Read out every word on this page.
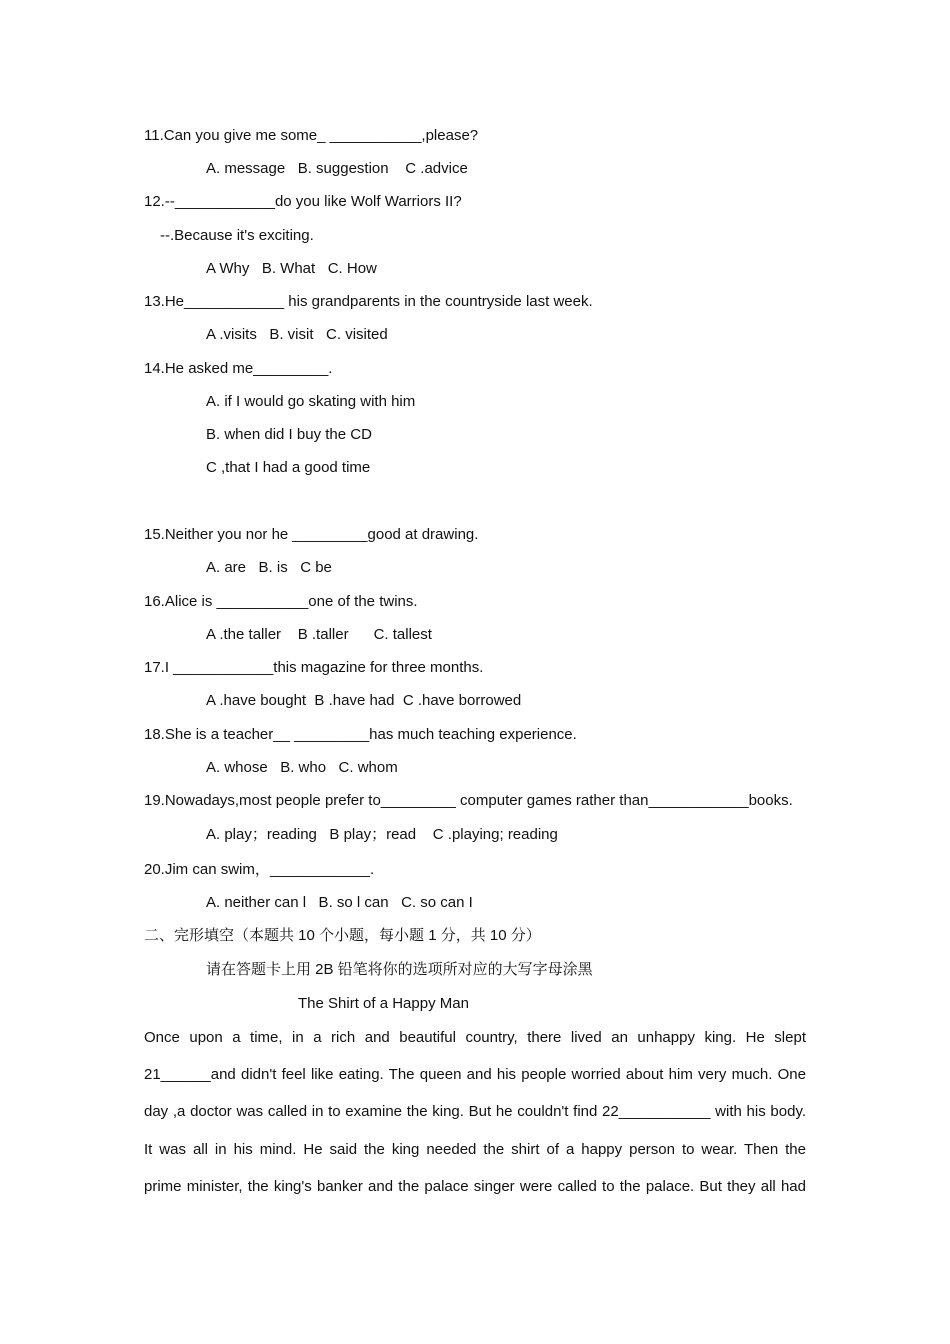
11.Can you give me some_ ___________,please?
A. message   B. suggestion    C .advice
12.--____________do you like Wolf Warriors II?
--.Because it's exciting.
A Why   B. What   C. How
13.He____________ his grandparents in the countryside last week.
A .visits   B. visit   C. visited
14.He asked me_________.
A. if I would go skating with him
B. when did I buy the CD
C ,that I had a good time
15.Neither you nor he _________good at drawing.
A. are   B. is   C be
16.Alice is ___________one of the twins.
A .the taller    B .taller      C. tallest
17.I ____________this magazine for three months.
A .have bought  B .have had  C .have borrowed
18.She is a teacher__ _________has much teaching experience.
A. whose   B. who   C. whom
19.Nowadays,most people prefer to_________ computer games rather than____________books.
A. play；reading   B play；read    C .playing; reading
20.Jim can swim，____________.
A. neither can l   B. so l can   C. so can I
二、完形填空（本题共 10 个小题，每小题 1 分，共 10 分）
请在答题卡上用 2B 铅笔将你的选项所对应的大写字母涂黑
The Shirt of a Happy Man
Once upon a time, in a rich and beautiful country, there lived an unhappy king. He slept
21______and didn't feel like eating. The queen and his people worried about him very much. One
day ,a doctor was called in to examine the king. But he couldn't find 22___________ with his body.
It was all in his mind. He said the king needed the shirt of a happy person to wear. Then the
prime minister, the king's banker and the palace singer were called to the palace. But they all had
